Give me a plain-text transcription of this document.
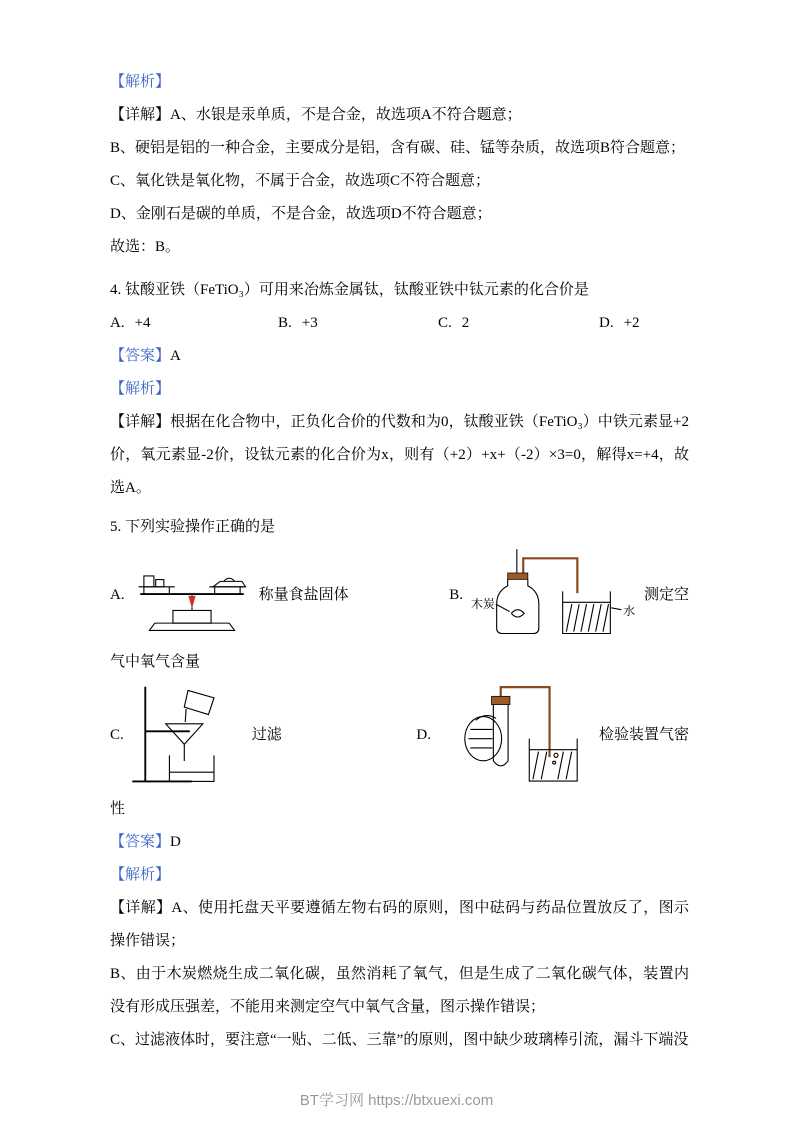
【解析】

【详解】A、水银是汞单质，不是合金，故选项A不符合题意；

B、硬铝是铝的一种合金，主要成分是铝，含有碳、硅、锰等杂质，故选项B符合题意；

C、氧化铁是氧化物，不属于合金，故选项C不符合题意；

D、金刚石是碳的单质，不是合金，故选项D不符合题意；

故选：B。

4. 钛酸亚铁（FeTiO₃）可用来冶炼金属钛，钛酸亚铁中钛元素的化合价是

A. +4	B. +3	C. 2	D. +2

【答案】A

【解析】

【详解】根据在化合物中，正负化合价的代数和为0，钛酸亚铁（FeTiO₃）中铁元素显+2价，氧元素显-2价，设钛元素的化合价为x，则有（+2）+x+（-2）×3=0，解得x=+4，故选A。

5. 下列实验操作正确的是

A.	称量食盐固体	B.
木炭
水
测定空

气中氧气含量

C.	过滤	D.	检验装置气密

性

【答案】D

【解析】

【详解】A、使用托盘天平要遵循左物右码的原则，图中砝码与药品位置放反了，图示操作错误；

B、由于木炭燃烧生成二氧化碳，虽然消耗了氧气，但是生成了二氧化碳气体，装置内没有形成压强差，不能用来测定空气中氧气含量，图示操作错误；

C、过滤液体时，要注意“一贴、二低、三靠”的原则，图中缺少玻璃棒引流，漏斗下端没

BT学习网 https://btxuexi.com
